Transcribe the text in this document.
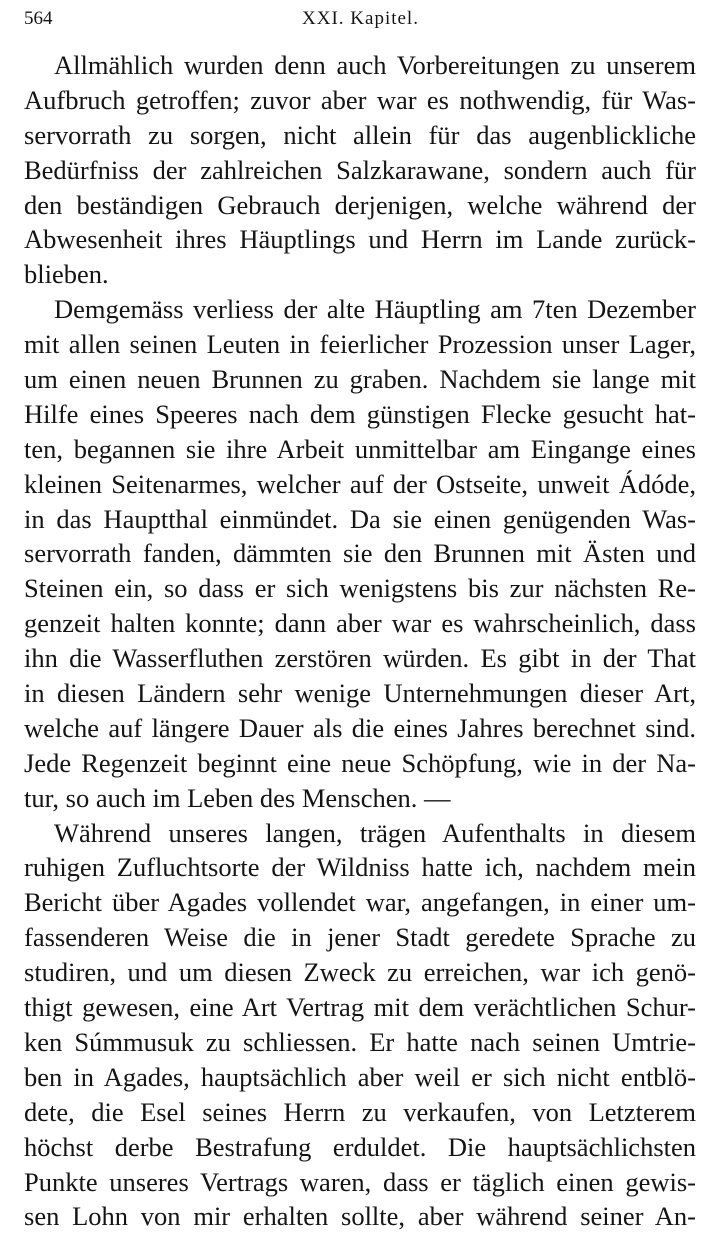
564	XXI. Kapitel.
Allmählich wurden denn auch Vorbereitungen zu unserem
Aufbruch getroffen; zuvor aber war es nothwendig, für Was-
servorrath zu sorgen, nicht allein für das augenblickliche
Bedürfniss der zahlreichen Salzkarawane, sondern auch für
den beständigen Gebrauch derjenigen, welche während der
Abwesenheit ihres Häuptlings und Herrn im Lande zurück-
blieben.
Demgemäss verliess der alte Häuptling am 7ten Dezember
mit allen seinen Leuten in feierlicher Prozession unser Lager,
um einen neuen Brunnen zu graben. Nachdem sie lange mit
Hilfe eines Speeres nach dem günstigen Flecke gesucht hat-
ten, begannen sie ihre Arbeit unmittelbar am Eingange eines
kleinen Seitenarmes, welcher auf der Ostseite, unweit Ádóde,
in das Hauptthal einmündet. Da sie einen genügenden Was-
servorrath fanden, dämmten sie den Brunnen mit Ästen und
Steinen ein, so dass er sich wenigstens bis zur nächsten Re-
genzeit halten konnte; dann aber war es wahrscheinlich, dass
ihn die Wasserfluthen zerstören würden. Es gibt in der That
in diesen Ländern sehr wenige Unternehmungen dieser Art,
welche auf längere Dauer als die eines Jahres berechnet sind.
Jede Regenzeit beginnt eine neue Schöpfung, wie in der Na-
tur, so auch im Leben des Menschen. —
Während unseres langen, trägen Aufenthalts in diesem
ruhigen Zufluchtsorte der Wildniss hatte ich, nachdem mein
Bericht über Agades vollendet war, angefangen, in einer um-
fassenderen Weise die in jener Stadt geredete Sprache zu
studiren, und um diesen Zweck zu erreichen, war ich genö-
thigt gewesen, eine Art Vertrag mit dem verächtlichen Schur-
ken Súmmusuk zu schliessen. Er hatte nach seinen Umtrie-
ben in Agades, hauptsächlich aber weil er sich nicht entblö-
dete, die Esel seines Herrn zu verkaufen, von Letzterem
höchst derbe Bestrafung erduldet. Die hauptsächlichsten
Punkte unseres Vertrags waren, dass er täglich einen gewis-
sen Lohn von mir erhalten sollte, aber während seiner An-
